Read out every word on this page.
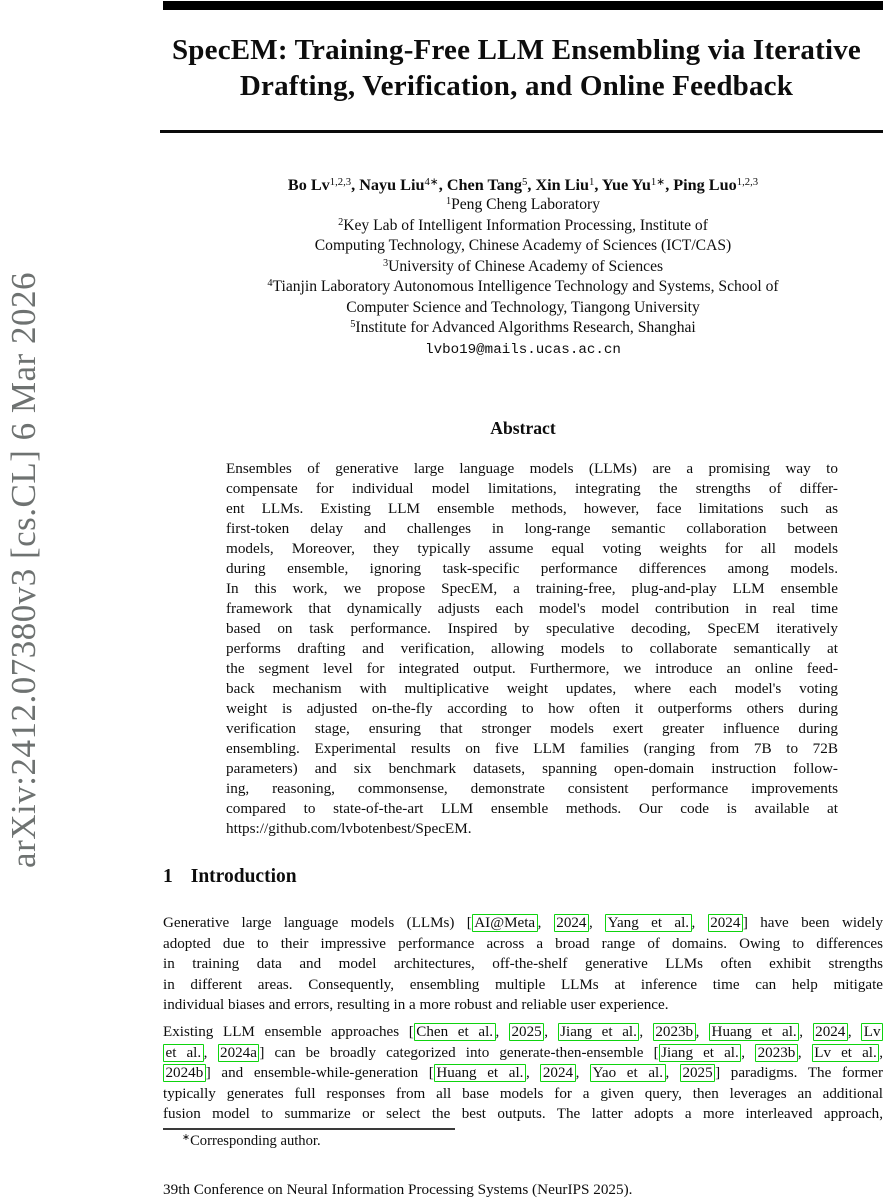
arXiv:2412.07380v3 [cs.CL] 6 Mar 2026
SpecEM: Training-Free LLM Ensembling via Iterative
Drafting, Verification, and Online Feedback
Bo Lv$^{1,2,3}$, Nayu Liu$^{4∗}$, Chen Tang$^5$, Xin Liu$^1$, Yue $Yu^{1∗}$, Ping Luo$^{1,2,3}$
$^1$Peng Cheng Laboratory
$^2$Key Lab of Intelligent Information Processing, Institute of
Computing Technology, Chinese Academy of Sciences (ICT/CAS)
$^3$University of Chinese Academy of Sciences
$^4$Tianjin Laboratory Autonomous Intelligence Technology and Systems, School of
Computer Science and Technology, Tiangong University
$^5$Institute for Advanced Algorithms Research, Shanghai
lvbo19@mails.ucas.ac.cn
Abstract
Ensembles of generative large language models (LLMs) are a promising way to
compensate for individual model limitations, integrating the strengths of differ-
ent LLMs. Existing LLM ensemble methods, however, face limitations such as
first-token delay and challenges in long-range semantic collaboration between
models, Moreover, they typically assume equal voting weights for all models
during ensemble, ignoring task-specific performance differences among models.
In this work, we propose SpecEM, a training-free, plug-and-play LLM ensemble
framework that dynamically adjusts each model's model contribution in real time
based on task performance. Inspired by speculative decoding, SpecEM iteratively
performs drafting and verification, allowing models to collaborate semantically at
the segment level for integrated output. Furthermore, we introduce an online feed-
back mechanism with multiplicative weight updates, where each model's voting
weight is adjusted on-the-fly according to how often it outperforms others during
verification stage, ensuring that stronger models exert greater influence during
ensembling. Experimental results on five LLM families (ranging from 7B to 72B
parameters) and six benchmark datasets, spanning open-domain instruction follow-
ing, reasoning, commonsense, demonstrate consistent performance improvements
compared to state-of-the-art LLM ensemble methods. Our code is available at
https://github.com/lvbotenbest/SpecEM.
1 Introduction
Generative large language models (LLMs) [ AI@Meta , 2024 , Yang et al. , 2024 ] have been widely
adopted due to their impressive performance across a broad range of domains. Owing to differences
in training data and model architectures, off-the-shelf generative LLMs often exhibit strengths
in different areas. Consequently, ensembling multiple LLMs at inference time can help mitigate
individual biases and errors, resulting in a more robust and reliable user experience.
Existing LLM ensemble approaches [ Chen et al. , 2025 , Jiang et al. , 2023b , Huang et al. , 2024 , Lv
et al. , 2024a ] can be broadly categorized into generate-then-ensemble [ Jiang et al. , 2023b , Lv et al. ,
2024b ] and ensemble-while-generation [ Huang et al. , 2024 , Yao et al. , 2025 ] paradigms. The former
typically generates full responses from all base models for a given query, then leverages an additional
fusion model to summarize or select the best outputs. The latter adopts a more interleaved approach,
∗Corresponding author.
39th Conference on Neural Information Processing Systems (NeurIPS 2025).
